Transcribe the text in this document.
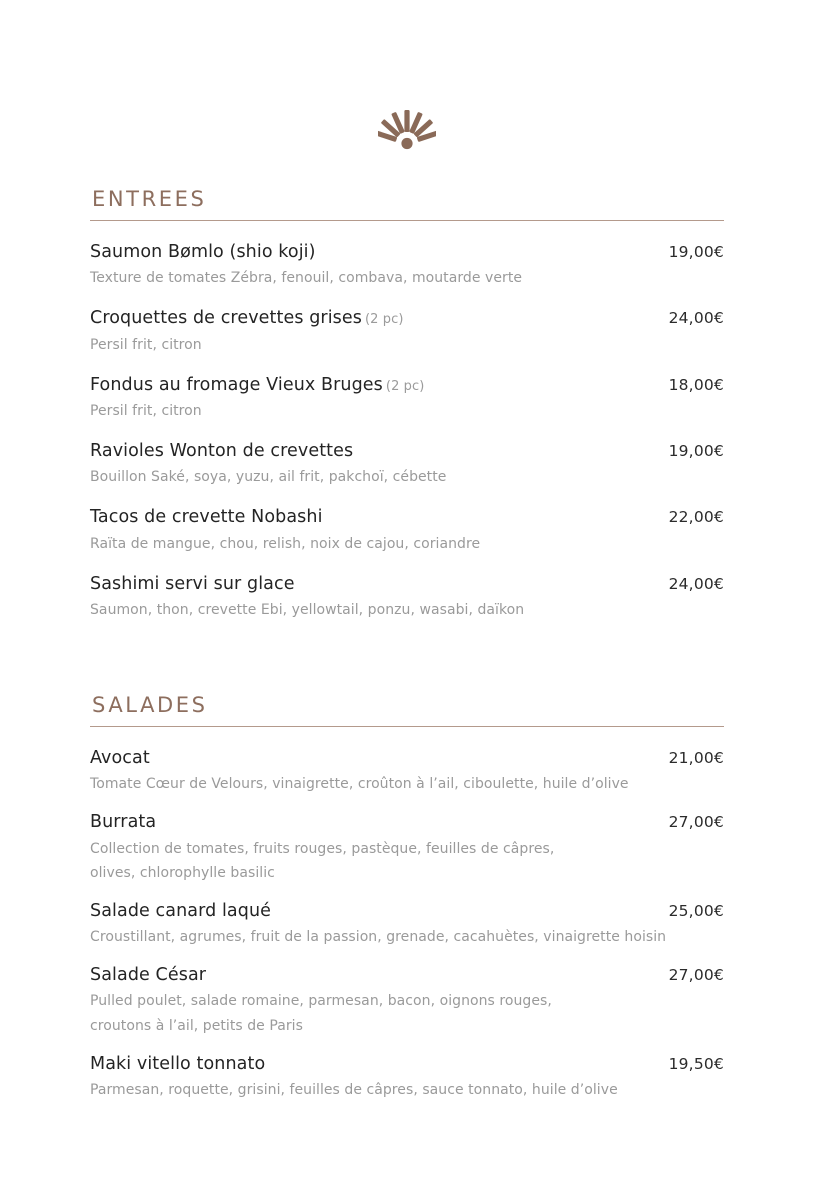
ENTREES
Saumon Bømlo (shio koji)	19,00€
Texture de tomates Zébra, fenouil, combava, moutarde verte
Croquettes de crevettes grises (2 pc)	24,00€
Persil frit, citron
Fondus au fromage Vieux Bruges (2 pc)	18,00€
Persil frit, citron
Ravioles Wonton de crevettes	19,00€
Bouillon Saké, soya, yuzu, ail frit, pakchoï, cébette
Tacos de crevette Nobashi	22,00€
Raïta de mangue, chou, relish, noix de cajou, coriandre
Sashimi servi sur glace	24,00€
Saumon, thon, crevette Ebi, yellowtail, ponzu, wasabi, daïkon
SALADES
Avocat	21,00€
Tomate Cœur de Velours, vinaigrette, croûton à l’ail, ciboulette, huile d’olive
Burrata	27,00€
Collection de tomates, fruits rouges, pastèque, feuilles de câpres,
olives, chlorophylle basilic
Salade canard laqué	25,00€
Croustillant, agrumes, fruit de la passion, grenade, cacahuètes, vinaigrette hoisin
Salade César	27,00€
Pulled poulet, salade romaine, parmesan, bacon, oignons rouges,
croutons à l’ail, petits de Paris
Maki vitello tonnato	19,50€
Parmesan, roquette, grisini, feuilles de câpres, sauce tonnato, huile d’olive
